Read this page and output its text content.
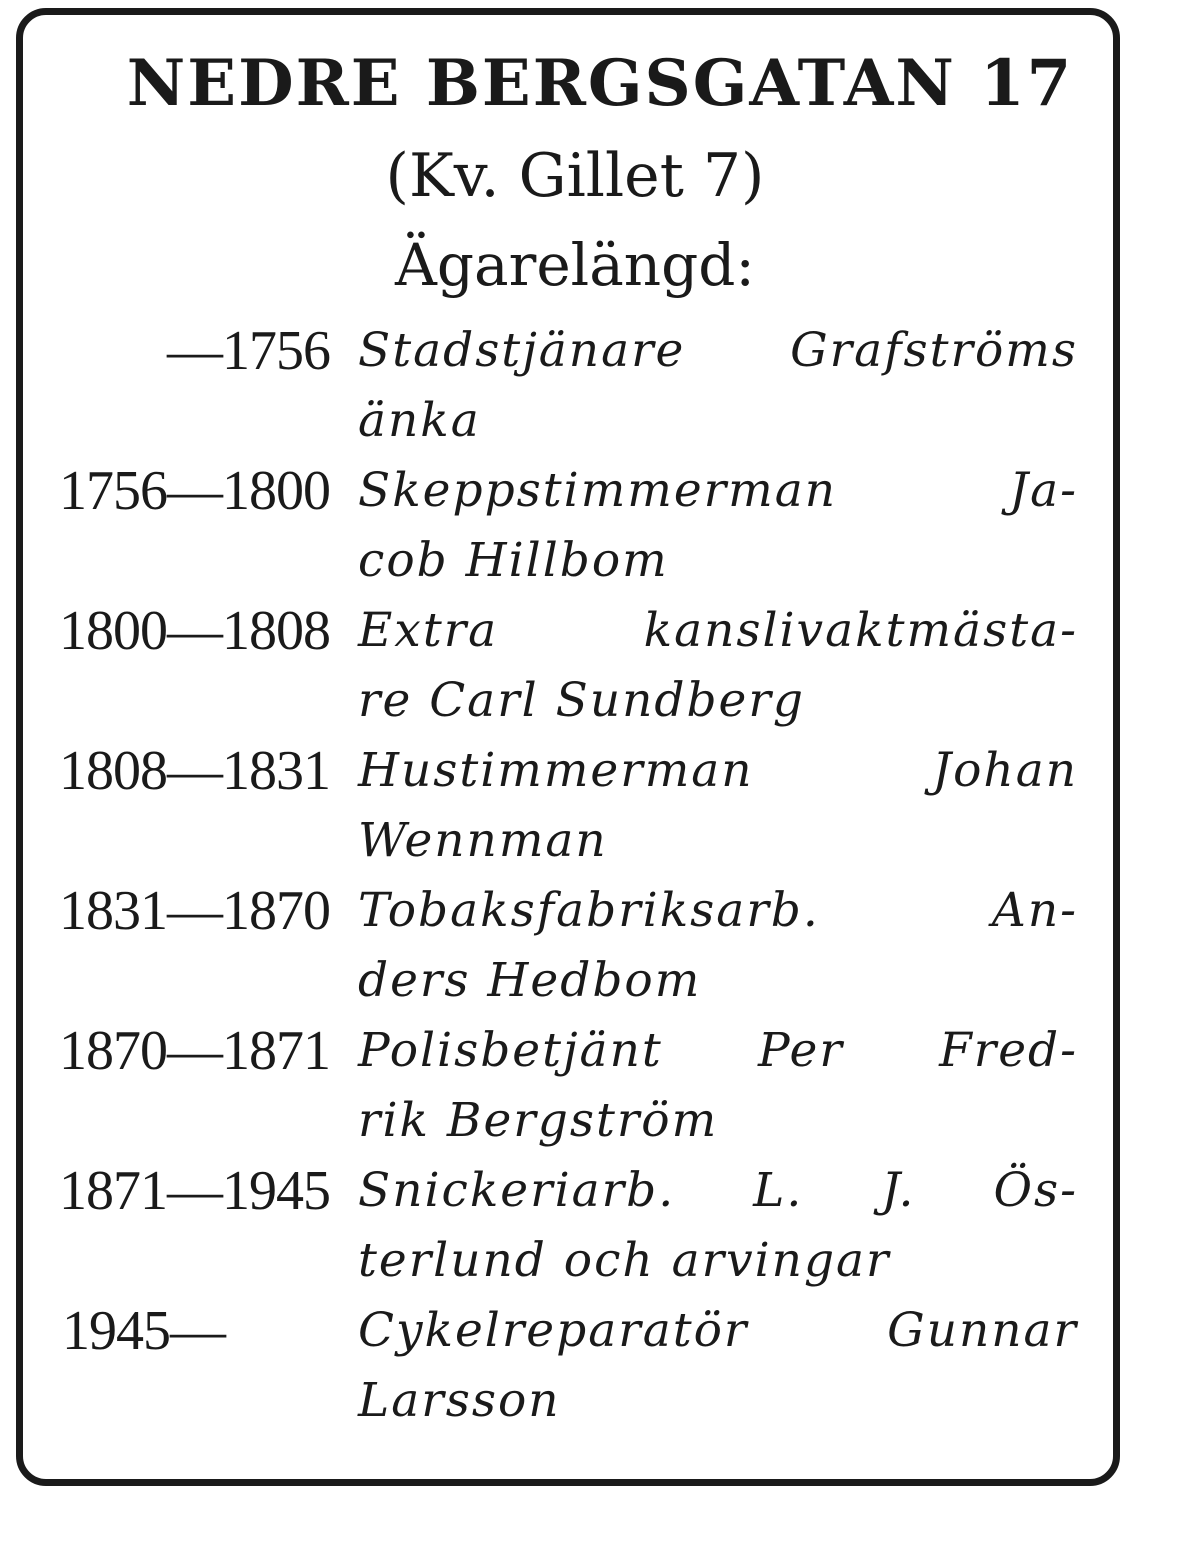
NEDRE BERGSGATAN 17
(Kv. Gillet 7)
Ägarelängd:
—1756 Stadstjänare Grafströms
änka
1756—1800 Skeppstimmerman Ja-
cob Hillbom
1800—1808 Extra kanslivaktmästa-
re Carl Sundberg
1808—1831 Hustimmerman Johan
Wennman
1831—1870 Tobaksfabriksarb. An-
ders Hedbom
1870—1871 Polisbetjänt Per Fred-
rik Bergström
1871—1945 Snickeriarb. L. J. Ös-
terlund och arvingar
1945—	Cykelreparatör Gunnar
Larsson
